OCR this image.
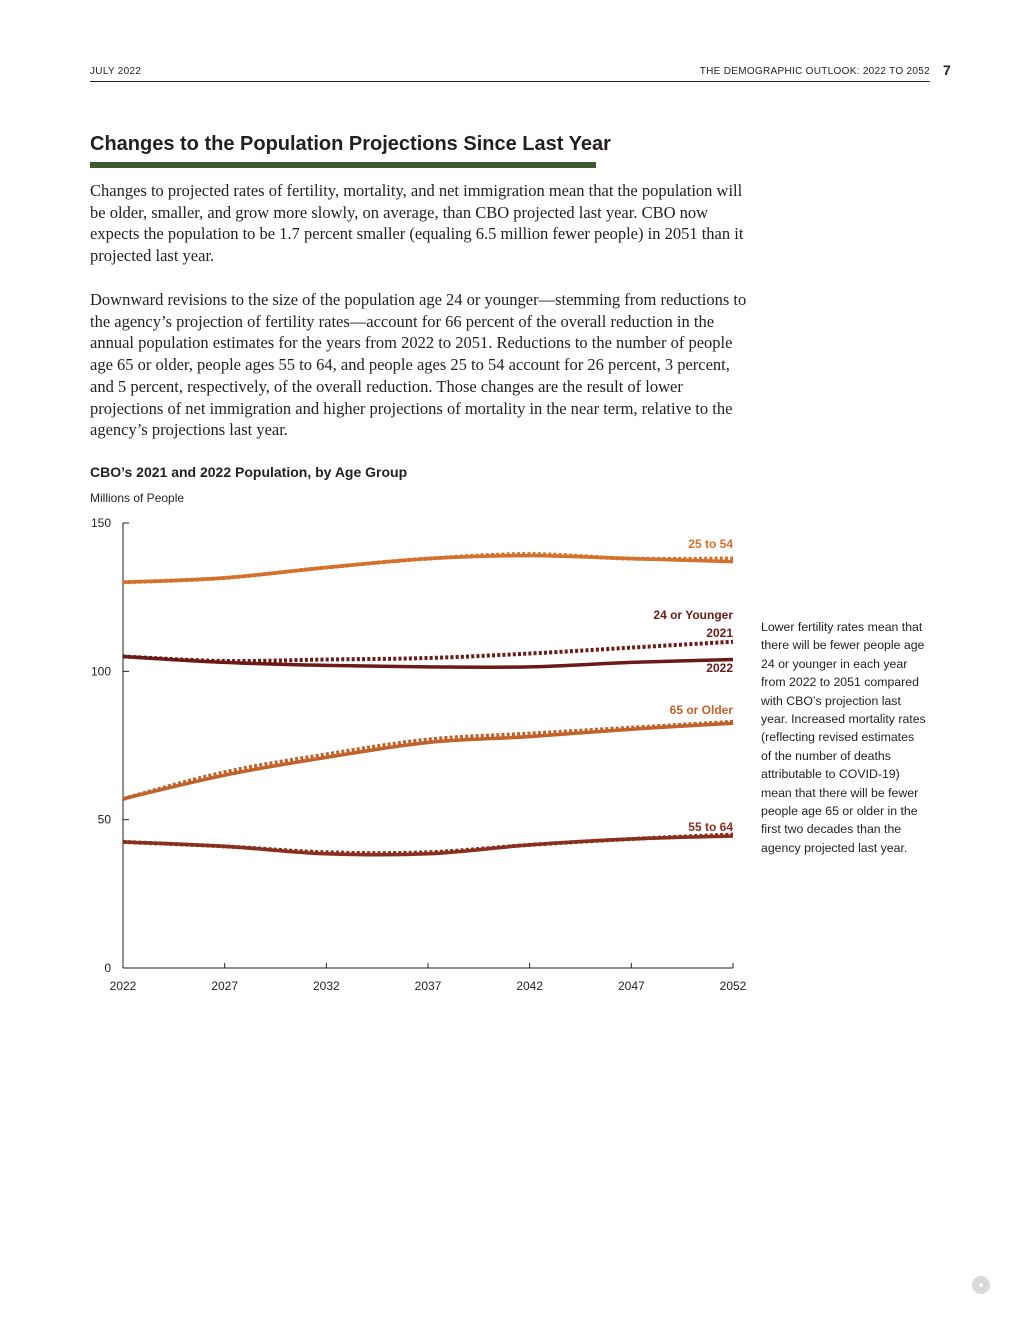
JULY 2022	THE DEMOGRAPHIC OUTLOOK: 2022 TO 2052 7
Changes to the Population Projections Since Last Year

Changes to projected rates of fertility, mortality, and net immigration mean that the population will be older, smaller, and grow more slowly, on average, than CBO projected last year. CBO now expects the population to be 1.7 percent smaller (equaling 6.5 million fewer people) in 2051 than it projected last year.

Downward revisions to the size of the population age 24 or younger—stemming from reductions to the agency’s projection of fertility rates—account for 66 percent of the overall reduction in the annual population estimates for the years from 2022 to 2051. Reductions to the number of people age 65 or older, people ages 55 to 64, and people ages 25 to 54 account for 26 percent, 3 percent, and 5 percent, respectively, of the overall reduction. Those changes are the result of lower projections of net immigration and higher projections of mortality in the near term, relative to the agency’s projections last year.

CBO’s 2021 and 2022 Population, by Age Group
Millions of People
0
50
100
150
2022	2027	2032	2037	2042	2047	2052
25 to 54
24 or Younger
65 or Older
55 to 64
2021
2022

Lower fertility rates mean that there will be fewer people age 24 or younger in each year from 2022 to 2051 compared with CBO’s projection last year. Increased mortality rates (reflecting revised estimates of the number of deaths attributable to COVID-19) mean that there will be fewer people age 65 or older in the first two decades than the agency projected last year.
